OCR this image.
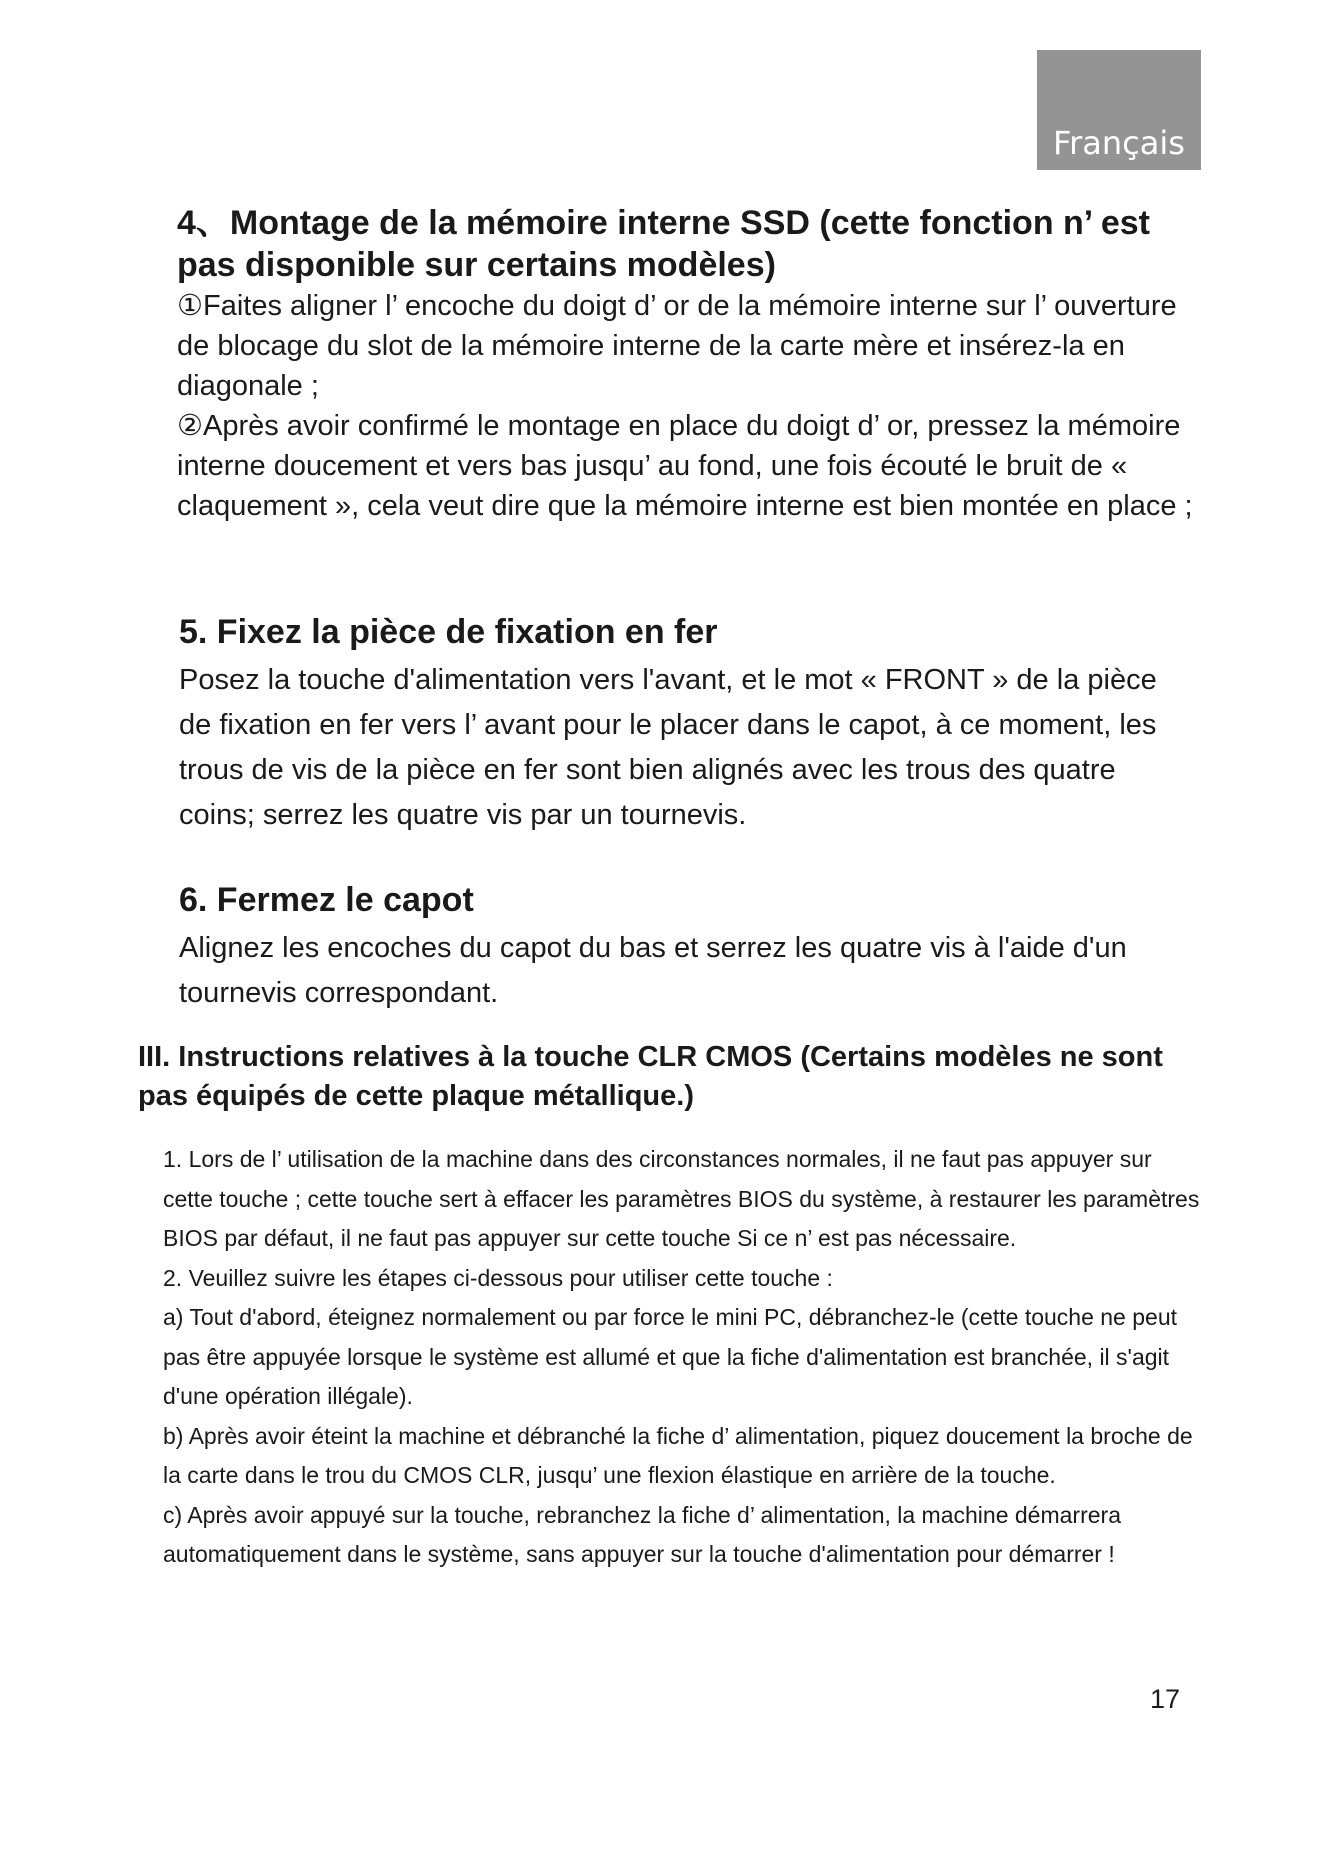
Français
4、Montage de la mémoire interne SSD (cette fonction n’ est pas disponible sur certains modèles)

①Faites aligner l’ encoche du doigt d’ or de la mémoire interne sur l’ ouverture de blocage du slot de la mémoire interne de la carte mère et insérez-la en diagonale ;

②Après avoir confirmé le montage en place du doigt d’ or, pressez la mémoire interne doucement et vers bas jusqu’ au fond, une fois écouté le bruit de « claquement », cela veut dire que la mémoire interne est bien montée en place ;

5. Fixez la pièce de fixation en fer

Posez la touche d'alimentation vers l'avant, et le mot « FRONT » de la pièce de fixation en fer vers l’ avant pour le placer dans le capot, à ce moment, les trous de vis de la pièce en fer sont bien alignés avec les trous des quatre coins; serrez les quatre vis par un tournevis.

6. Fermez le capot

Alignez les encoches du capot du bas et serrez les quatre vis à l'aide d'un tournevis correspondant.

III. Instructions relatives à la touche CLR CMOS (Certains modèles ne sont pas équipés de cette plaque métallique.)

1. Lors de l’ utilisation de la machine dans des circonstances normales, il ne faut pas appuyer sur cette touche ; cette touche sert à effacer les paramètres BIOS du système, à restaurer les paramètres BIOS par défaut, il ne faut pas appuyer sur cette touche Si ce n’ est pas nécessaire.

2. Veuillez suivre les étapes ci-dessous pour utiliser cette touche :

a) Tout d'abord, éteignez normalement ou par force le mini PC, débranchez-le (cette touche ne peut pas être appuyée lorsque le système est allumé et que la fiche d'alimentation est branchée, il s'agit d'une opération illégale).

b) Après avoir éteint la machine et débranché la fiche d’ alimentation, piquez doucement la broche de la carte dans le trou du CMOS CLR, jusqu’ une flexion élastique en arrière de la touche.

c) Après avoir appuyé sur la touche, rebranchez la fiche d’ alimentation, la machine démarrera automatiquement dans le système, sans appuyer sur la touche d'alimentation pour démarrer !

17
